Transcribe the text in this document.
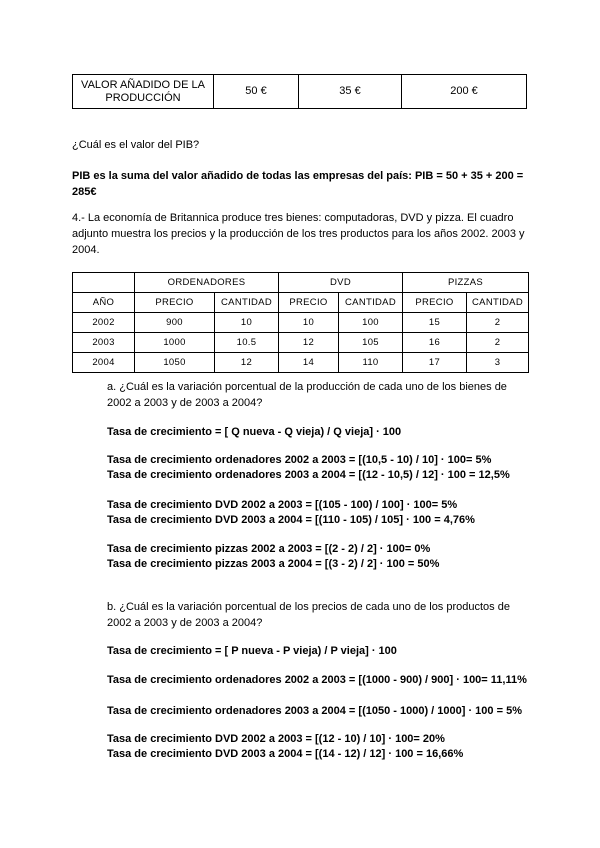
VALOR AÑADIDO DE LA PRODUCCIÓN	50 €	35 €	200 €

¿Cuál es el valor del PIB?

PIB es la suma del valor añadido de todas las empresas del país: PIB = 50 + 35 + 200 = 285€

4.- La economía de Britannica produce tres bienes: computadoras, DVD y pizza. El cuadro adjunto muestra los precios y la producción de los tres productos para los años 2002. 2003 y 2004.

	ORDENADORES		DVD		PIZZAS	
AÑO	PRECIO	CANTIDAD	PRECIO	CANTIDAD	PRECIO	CANTIDAD
2002	900	10	10	100	15	2
2003	1000	10.5	12	105	16	2
2004	1050	12	14	110	17	3

a. ¿Cuál es la variación porcentual de la producción de cada uno de los bienes de 2002 a 2003 y de 2003 a 2004?

Tasa de crecimiento = [ Q nueva - Q vieja) / Q vieja] · 100

Tasa de crecimiento ordenadores 2002 a 2003 = [(10,5 - 10) / 10] · 100= 5%

Tasa de crecimiento ordenadores 2003 a 2004 = [(12 - 10,5) / 12] · 100 = 12,5%

Tasa de crecimiento DVD 2002 a 2003 = [(105 - 100) / 100] · 100= 5%

Tasa de crecimiento DVD 2003 a 2004 = [(110 - 105) / 105] · 100 = 4,76%

Tasa de crecimiento pizzas 2002 a 2003 = [(2 - 2) / 2] · 100= 0%

Tasa de crecimiento pizzas 2003 a 2004 = [(3 - 2) / 2] · 100 = 50%

b. ¿Cuál es la variación porcentual de los precios de cada uno de los productos de 2002 a 2003 y de 2003 a 2004?

Tasa de crecimiento = [ P nueva - P vieja) / P vieja] · 100

Tasa de crecimiento ordenadores 2002 a 2003 = [(1000 - 900) / 900] · 100= 11,11%

Tasa de crecimiento ordenadores 2003 a 2004 = [(1050 - 1000) / 1000] · 100 = 5%

Tasa de crecimiento DVD 2002 a 2003 = [(12 - 10) / 10] · 100= 20%

Tasa de crecimiento DVD 2003 a 2004 = [(14 - 12) / 12] · 100 = 16,66%
